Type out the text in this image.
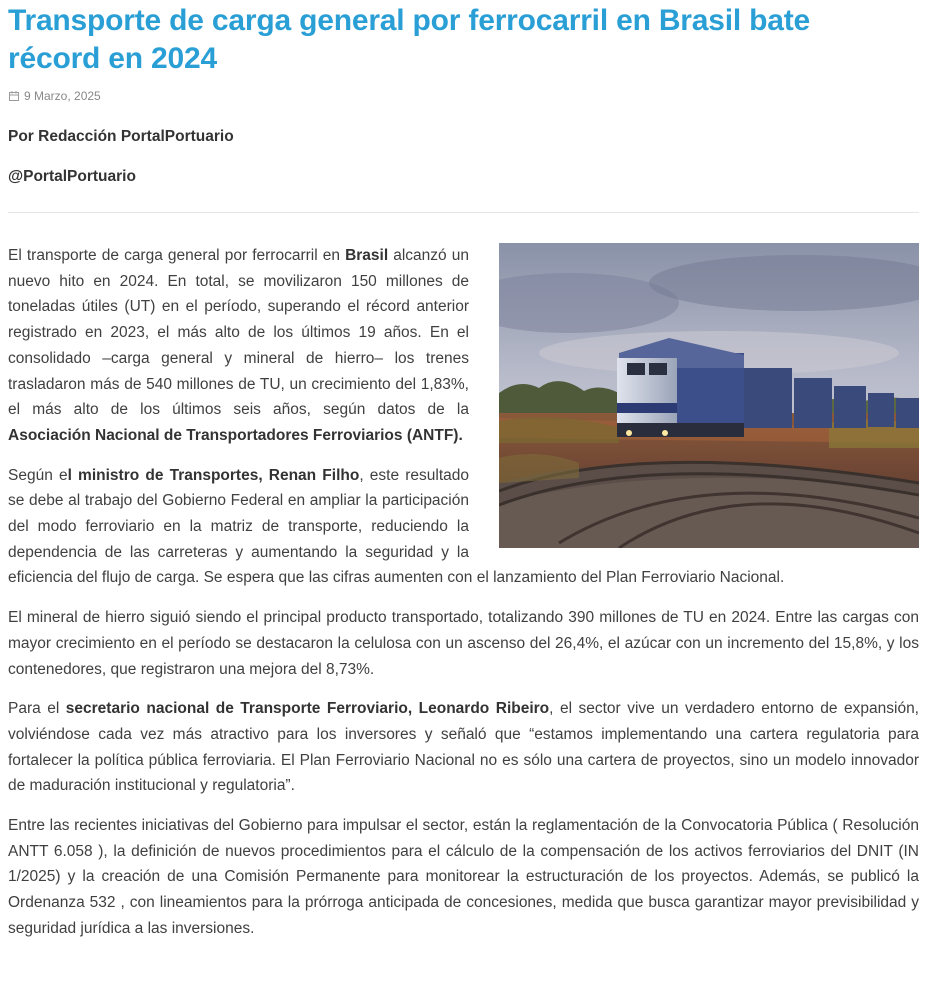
Transporte de carga general por ferrocarril en Brasil bate récord en 2024
9 Marzo, 2025

Por Redacción PortalPortuario

@PortalPortuario

El transporte de carga general por ferrocarril en Brasil alcanzó un nuevo hito en 2024. En total, se movilizaron 150 millones de toneladas útiles (UT) en el período, superando el récord anterior registrado en 2023, el más alto de los últimos 19 años. En el consolidado –carga general y mineral de hierro– los trenes trasladaron más de 540 millones de TU, un crecimiento del 1,83%, el más alto de los últimos seis años, según datos de la Asociación Nacional de Transportadores Ferroviarios (ANTF).

Según el ministro de Transportes, Renan Filho, este resultado se debe al trabajo del Gobierno Federal en ampliar la participación del modo ferroviario en la matriz de transporte, reduciendo la dependencia de las carreteras y aumentando la seguridad y la eficiencia del flujo de carga. Se espera que las cifras aumenten con el lanzamiento del Plan Ferroviario Nacional.

El mineral de hierro siguió siendo el principal producto transportado, totalizando 390 millones de TU en 2024. Entre las cargas con mayor crecimiento en el período se destacaron la celulosa con un ascenso del 26,4%, el azúcar con un incremento del 15,8%, y los contenedores, que registraron una mejora del 8,73%.

Para el secretario nacional de Transporte Ferroviario, Leonardo Ribeiro, el sector vive un verdadero entorno de expansión, volviéndose cada vez más atractivo para los inversores y señaló que “estamos implementando una cartera regulatoria para fortalecer la política pública ferroviaria. El Plan Ferroviario Nacional no es sólo una cartera de proyectos, sino un modelo innovador de maduración institucional y regulatoria”.

Entre las recientes iniciativas del Gobierno para impulsar el sector, están la reglamentación de la Convocatoria Pública ( Resolución ANTT 6.058 ), la definición de nuevos procedimientos para el cálculo de la compensación de los activos ferroviarios del DNIT (IN 1/2025) y la creación de una Comisión Permanente para monitorear la estructuración de los proyectos. Además, se publicó la Ordenanza 532 , con lineamientos para la prórroga anticipada de concesiones, medida que busca garantizar mayor previsibilidad y seguridad jurídica a las inversiones.
